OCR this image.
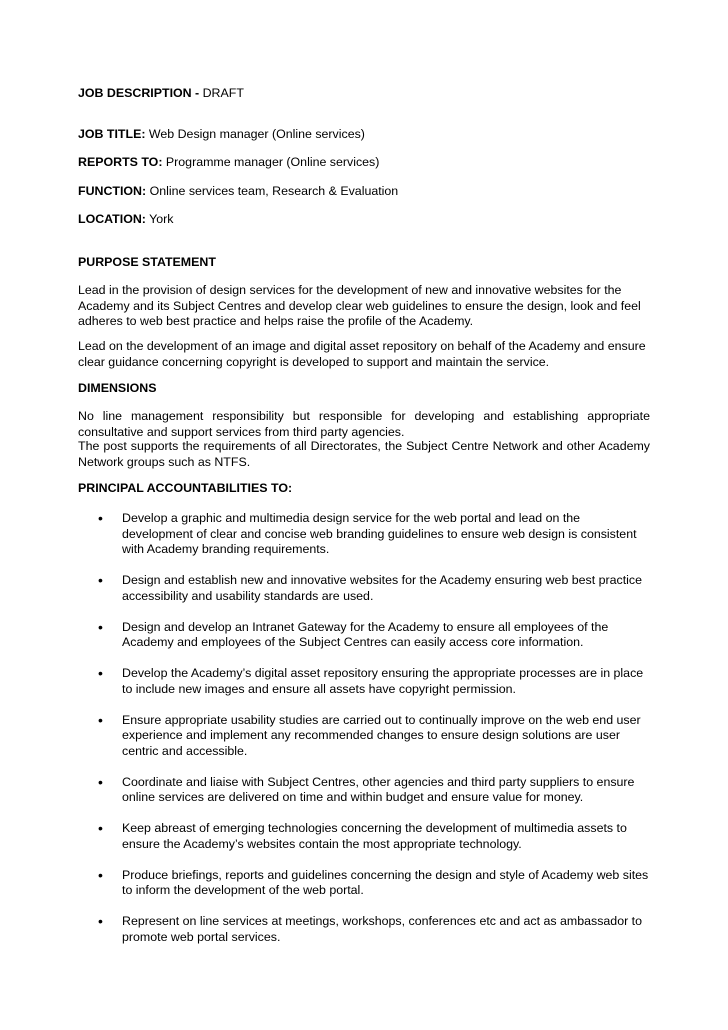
JOB DESCRIPTION - DRAFT
JOB TITLE: Web Design manager (Online services)
REPORTS TO: Programme manager (Online services)
FUNCTION: Online services team, Research & Evaluation
LOCATION: York
PURPOSE STATEMENT
Lead in the provision of design services for the development of new and innovative websites for the Academy and its Subject Centres and develop clear web guidelines to ensure the design, look and feel adheres to web best practice and helps raise the profile of the Academy.
Lead on the development of an image and digital asset repository on behalf of the Academy and ensure clear guidance concerning copyright is developed to support and maintain the service.
DIMENSIONS
No line management responsibility but responsible for developing and establishing appropriate consultative and support services from third party agencies.
The post supports the requirements of all Directorates, the Subject Centre Network and other Academy Network groups such as NTFS.
PRINCIPAL ACCOUNTABILITIES TO:
• Develop a graphic and multimedia design service for the web portal and lead on the development of clear and concise web branding guidelines to ensure web design is consistent with Academy branding requirements.
• Design and establish new and innovative websites for the Academy ensuring web best practice accessibility and usability standards are used.
• Design and develop an Intranet Gateway for the Academy to ensure all employees of the Academy and employees of the Subject Centres can easily access core information.
• Develop the Academy’s digital asset repository ensuring the appropriate processes are in place to include new images and ensure all assets have copyright permission.
• Ensure appropriate usability studies are carried out to continually improve on the web end user experience and implement any recommended changes to ensure design solutions are user centric and accessible.
• Coordinate and liaise with Subject Centres, other agencies and third party suppliers to ensure online services are delivered on time and within budget and ensure value for money.
• Keep abreast of emerging technologies concerning the development of multimedia assets to ensure the Academy’s websites contain the most appropriate technology.
• Produce briefings, reports and guidelines concerning the design and style of Academy web sites to inform the development of the web portal.
• Represent on line services at meetings, workshops, conferences etc and act as ambassador to promote web portal services.
